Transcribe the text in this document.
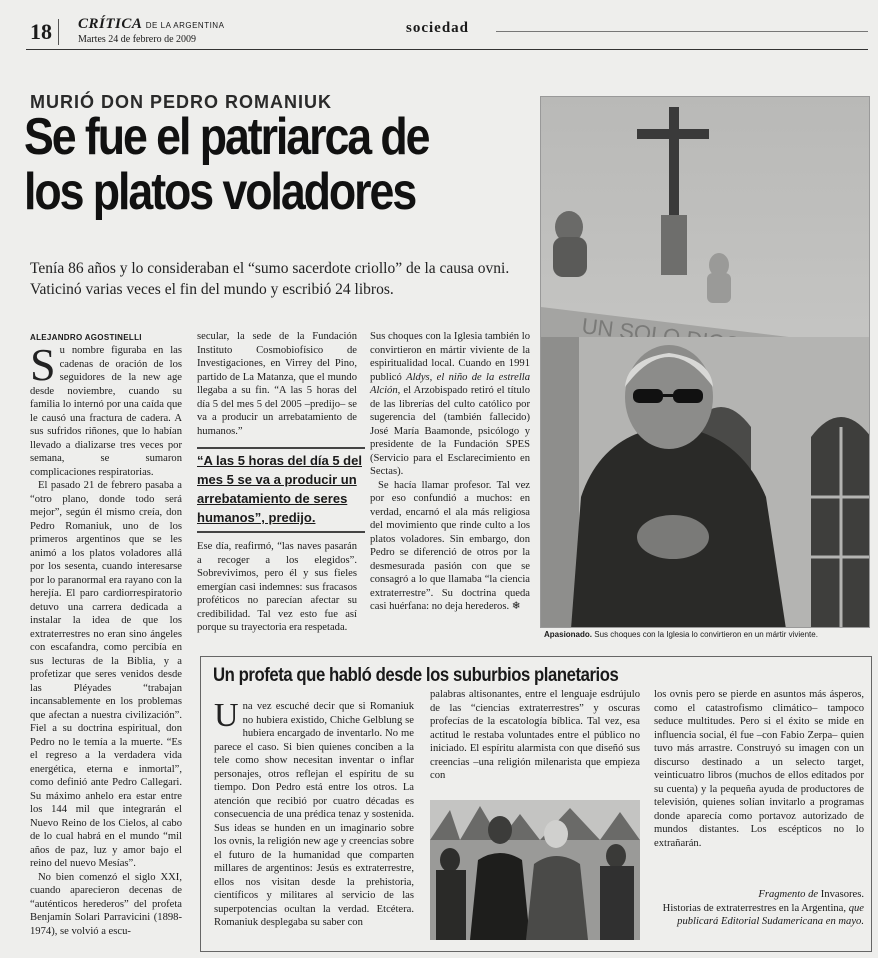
18	CRÍTICA DE LA ARGENTINA
Martes 24 de febrero de 2009
sociedad
MURIÓ DON PEDRO ROMANIUK
Se fue el patriarca de
los platos voladores

Tenía 86 años y lo consideraban el “sumo sacerdote criollo” de la causa ovni. Vaticinó varias veces el fin del mundo y escribió 24 libros.

ALEJANDRO AGOSTINELLI

Su nombre figuraba en las cadenas de oración de los seguidores de la new age desde noviembre, cuando su familia lo internó por una caída que le causó una fractura de cadera. A sus sufridos riñones, que lo habían llevado a dializarse tres veces por semana, se sumaron complicaciones respiratorias.

El pasado 21 de febrero pasaba a “otro plano, donde todo será mejor”, según él mismo creía, don Pedro Romaniuk, uno de los primeros argentinos que se les animó a los platos voladores allá por los sesenta, cuando interesarse por lo paranormal era rayano con la herejía. El paro cardiorrespiratorio detuvo una carrera dedicada a instalar la idea de que los extraterrestres no eran sino ángeles con escafandra, como percibía en sus lecturas de la Biblia, y a profetizar que seres venidos desde las Pléyades “trabajan incansablemente en los problemas que afectan a nuestra civilización”. Fiel a su doctrina espiritual, don Pedro no le temía a la muerte. “Es el regreso a la verdadera vida energética, eterna e inmortal”, como definió ante Pedro Callegari. Su máximo anhelo era estar entre los 144 mil que integrarán el Nuevo Reino de los Cielos, al cabo de lo cual habrá en el mundo “mil años de paz, luz y amor bajo el reino del nuevo Mesías”.

No bien comenzó el siglo XXI, cuando aparecieron decenas de “auténticos herederos” del profeta Benjamín Solari Parravicini (1898-1974), se volvió a escu-

secular, la sede de la Fundación Instituto Cosmobiofísico de Investigaciones, en Virrey del Pino, partido de La Matanza, que el mundo llegaba a su fin. “A las 5 horas del día 5 del mes 5 del 2005 –predijo– se va a producir un arrebatamiento de humanos.”

“A las 5 horas del día 5 del mes 5 se va a producir un arrebatamiento de seres humanos”, predijo.

Ese día, reafirmó, “las naves pasarán a recoger a los elegidos”. Sobrevivimos, pero él y sus fieles emergían casi indemnes: sus fracasos proféticos no parecían afectar su credibilidad. Tal vez esto fue así porque su trayectoria era respetada.

Sus choques con la Iglesia también lo convirtieron en mártir viviente de la espiritualidad local. Cuando en 1991 publicó Aldys, el niño de la estrella Alción, el Arzobispado retiró el título de las librerías del culto católico por sugerencia del (también fallecido) José María Baamonde, psicólogo y presidente de la Fundación SPES (Servicio para el Esclarecimiento en Sectas).

Se hacía llamar profesor. Tal vez por eso confundió a muchos: en verdad, encarnó el ala más religiosa del movimiento que rinde culto a los platos voladores. Sin embargo, don Pedro se diferenció de otros por la desmesurada pasión con que se consagró a lo que llamaba “la ciencia extraterrestre”. Su doctrina queda casi huérfana: no deja herederos. ❄

Apasionado. Sus choques con la Iglesia lo convirtieron en un mártir viviente.
Un profeta que habló desde los suburbios planetarios

Una vez escuché decir que si Romaniuk no hubiera existido, Chiche Gelblung se hubiera encargado de inventarlo. No me parece el caso. Si bien quienes conciben a la tele como show necesitan inventar o inflar personajes, otros reflejan el espíritu de su tiempo. Don Pedro está entre los otros. La atención que recibió por cuatro décadas es consecuencia de una prédica tenaz y sostenida. Sus ideas se hunden en un imaginario sobre los ovnis, la religión new age y creencias sobre el futuro de la humanidad que comparten millares de argentinos: Jesús es extraterrestre, ellos nos visitan desde la prehistoria, científicos y militares al servicio de las superpotencias ocultan la verdad. Etcétera. Romaniuk desplegaba su saber con

palabras altisonantes, entre el lenguaje esdrújulo de las “ciencias extraterrestres” y oscuras profecías de la escatología bíblica. Tal vez, esa actitud le restaba voluntades entre el público no iniciado. El espíritu alarmista con que diseñó sus creencias –una religión milenarista que empieza con

los ovnis pero se pierde en asuntos más ásperos, como el catastrofismo climático– tampoco seduce multitudes. Pero si el éxito se mide en influencia social, él fue –con Fabio Zerpa– quien tuvo más arrastre. Construyó su imagen con un discurso destinado a un selecto target, veinticuatro libros (muchos de ellos editados por su cuenta) y la pequeña ayuda de productores de televisión, quienes solían invitarlo a programas donde aparecía como portavoz autorizado de mundos distantes. Los escépticos no lo extrañarán.

Fragmento de Invasores.
Historias de extraterrestres en la Argentina, que publicará Editorial Sudamericana en mayo.
